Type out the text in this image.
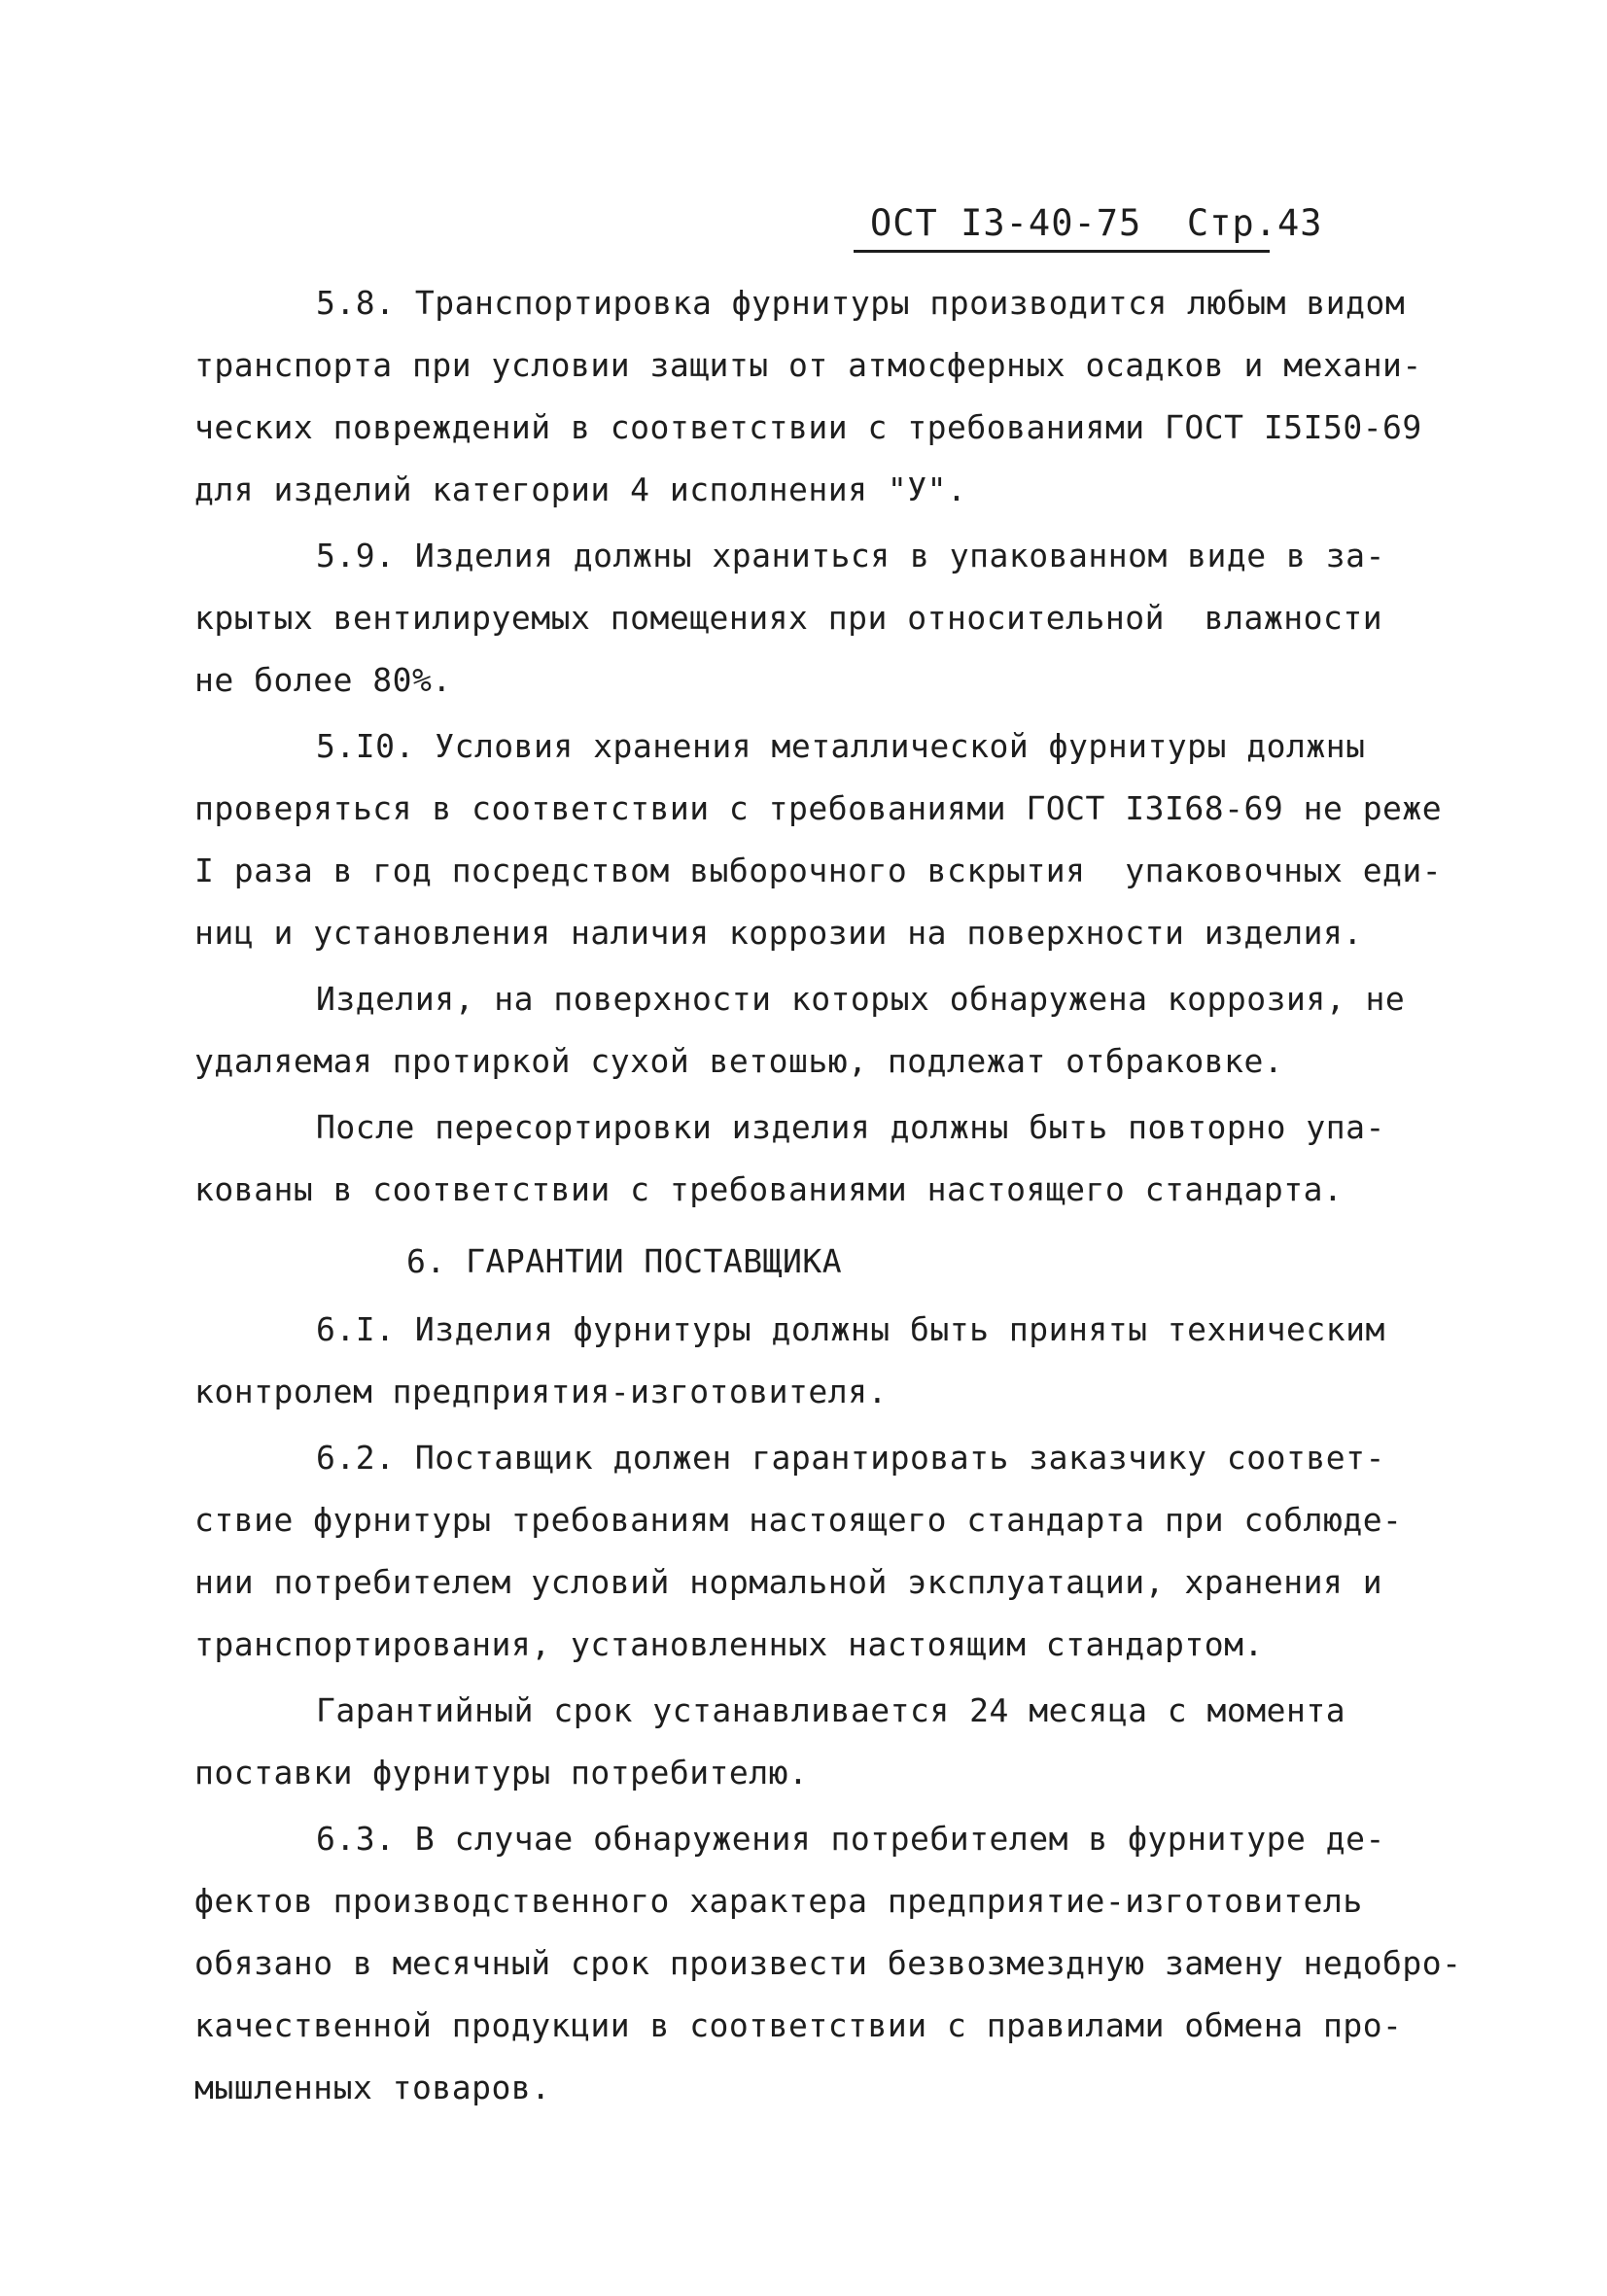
ОСТ I3-40-75 Стр.43
5.8. Транспортировка фурнитуры производится любым видом
транспорта при условии защиты от атмосферных осадков и механи-
ческих повреждений в соответствии с требованиями ГОСТ I5I50-69
для изделий категории 4 исполнения "У".
5.9. Изделия должны храниться в упакованном виде в за-
крытых вентилируемых помещениях при относительной  влажности
не более 80%.
5.I0. Условия хранения металлической фурнитуры должны
проверяться в соответствии с требованиями ГОСТ I3I68-69 не реже
I раза в год посредством выборочного вскрытия  упаковочных еди-
ниц и установления наличия коррозии на поверхности изделия.
Изделия, на поверхности которых обнаружена коррозия, не
удаляемая протиркой сухой ветошью, подлежат отбраковке.
После пересортировки изделия должны быть повторно упа-
кованы в соответствии с требованиями настоящего стандарта.
6. ГАРАНТИИ ПОСТАВЩИКА
6.I. Изделия фурнитуры должны быть приняты техническим
контролем предприятия-изготовителя.
6.2. Поставщик должен гарантировать заказчику соответ-
ствие фурнитуры требованиям настоящего стандарта при соблюде-
нии потребителем условий нормальной эксплуатации, хранения и
транспортирования, установленных настоящим стандартом.
Гарантийный срок устанавливается 24 месяца с момента
поставки фурнитуры потребителю.
6.3. В случае обнаружения потребителем в фурнитуре де-
фектов производственного характера предприятие-изготовитель
обязано в месячный срок произвести безвозмездную замену недобро-
качественной продукции в соответствии с правилами обмена про-
мышленных товаров.
